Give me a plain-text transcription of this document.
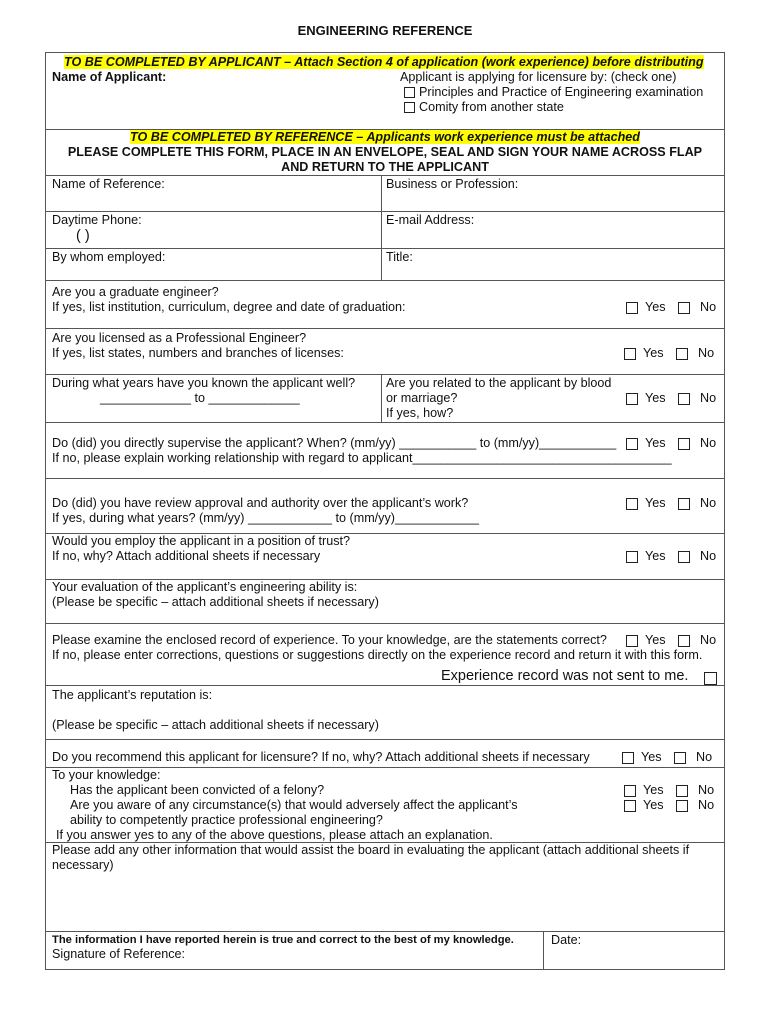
ENGINEERING REFERENCE
TO BE COMPLETED BY APPLICANT – Attach Section 4 of application (work experience) before distributing
Name of Applicant:	Applicant is applying for licensure by: (check one)
Principles and Practice of Engineering examination
Comity from another state
TO BE COMPLETED BY REFERENCE – Applicants work experience must be attached
PLEASE COMPLETE THIS FORM, PLACE IN AN ENVELOPE, SEAL AND SIGN YOUR NAME ACROSS FLAP
AND RETURN TO THE APPLICANT
Name of Reference:	Business or Profession:
Daytime Phone:
( )
E-mail Address:
By whom employed:	Title:
Are you a graduate engineer?
If yes, list institution, curriculum, degree and date of graduation:	Yes	No
Are you licensed as a Professional Engineer?
If yes, list states, numbers and branches of licenses:	Yes	No
During what years have you known the applicant well?
_____________ to _____________
Are you related to the applicant by blood
or marriage?
If yes, how?
Yes	No
Do (did) you directly supervise the applicant? When? (mm/yy) ___________ to (mm/yy)___________
If no, please explain working relationship with regard to applicant_____________________________________
Yes	No
Do (did) you have review approval and authority over the applicant’s work?
If yes, during what years? (mm/yy) ____________ to (mm/yy)____________
Yes	No
Would you employ the applicant in a position of trust?
If no, why? Attach additional sheets if necessary	Yes	No
Your evaluation of the applicant’s engineering ability is:
(Please be specific – attach additional sheets if necessary)
Please examine the enclosed record of experience. To your knowledge, are the statements correct?	Yes	No
If no, please enter corrections, questions or suggestions directly on the experience record and return it with this form.
Experience record was not sent to me.
The applicant’s reputation is:
(Please be specific – attach additional sheets if necessary)
Do you recommend this applicant for licensure? If no, why? Attach additional sheets if necessary	Yes	No
To your knowledge:
Has the applicant been convicted of a felony?	Yes	No
Are you aware of any circumstance(s) that would adversely affect the applicant’s	Yes	No
ability to competently practice professional engineering?
If you answer yes to any of the above questions, please attach an explanation.
Please add any other information that would assist the board in evaluating the applicant (attach additional sheets if
necessary)
The information I have reported herein is true and correct to the best of my knowledge.
Signature of Reference:
Date:
